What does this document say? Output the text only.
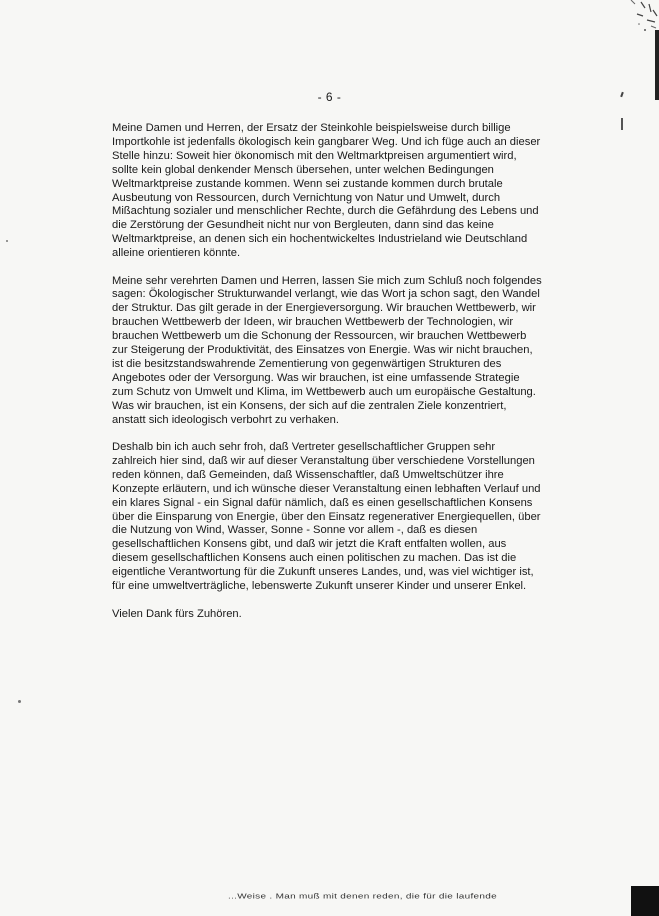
- 6 -

Meine Damen und Herren, der Ersatz der Steinkohle beispielsweise durch billige Importkohle ist jedenfalls ökologisch kein gangbarer Weg. Und ich füge auch an dieser Stelle hinzu: Soweit hier ökonomisch mit den Weltmarktpreisen argumentiert wird, sollte kein global denkender Mensch übersehen, unter welchen Bedingungen Weltmarktpreise zustande kommen. Wenn sei zustande kommen durch brutale Ausbeutung von Ressourcen, durch Vernichtung von Natur und Umwelt, durch Mißachtung sozialer und menschlicher Rechte, durch die Gefährdung des Lebens und die Zerstörung der Gesundheit nicht nur von Bergleuten, dann sind das keine Weltmarktpreise, an denen sich ein hochentwickeltes Industrieland wie Deutschland alleine orientieren könnte.

Meine sehr verehrten Damen und Herren, lassen Sie mich zum Schluß noch folgendes sagen: Ökologischer Strukturwandel verlangt, wie das Wort ja schon sagt, den Wandel der Struktur. Das gilt gerade in der Energieversorgung. Wir brauchen Wettbewerb, wir brauchen Wettbewerb der Ideen, wir brauchen Wettbewerb der Technologien, wir brauchen Wettbewerb um die Schonung der Ressourcen, wir brauchen Wettbewerb zur Steigerung der Produktivität, des Einsatzes von Energie. Was wir nicht brauchen, ist die besitzstandswahrende Zementierung von gegenwärtigen Strukturen des Angebotes oder der Versorgung. Was wir brauchen, ist eine umfassende Strategie zum Schutz von Umwelt und Klima, im Wettbewerb auch um europäische Gestaltung. Was wir brauchen, ist ein Konsens, der sich auf die zentralen Ziele konzentriert, anstatt sich ideologisch verbohrt zu verhaken.

Deshalb bin ich auch sehr froh, daß Vertreter gesellschaftlicher Gruppen sehr zahlreich hier sind, daß wir auf dieser Veranstaltung über verschiedene Vorstellungen reden können, daß Gemeinden, daß Wissenschaftler, daß Umweltschützer ihre Konzepte erläutern, und ich wünsche dieser Veranstaltung einen lebhaften Verlauf und ein klares Signal - ein Signal dafür nämlich, daß es einen gesellschaftlichen Konsens über die Einsparung von Energie, über den Einsatz regenerativer Energiequellen, über die Nutzung von Wind, Wasser, Sonne - Sonne vor allem -, daß es diesen gesellschaftlichen Konsens gibt, und daß wir jetzt die Kraft entfalten wollen, aus diesem gesellschaftlichen Konsens auch einen politischen zu machen. Das ist die eigentliche Verantwortung für die Zukunft unseres Landes, und, was viel wichtiger ist, für eine umweltverträgliche, lebenswerte Zukunft unserer Kinder und unserer Enkel.

Vielen Dank fürs Zuhören.

...Weise . Man muß mit denen reden, die für die laufende
